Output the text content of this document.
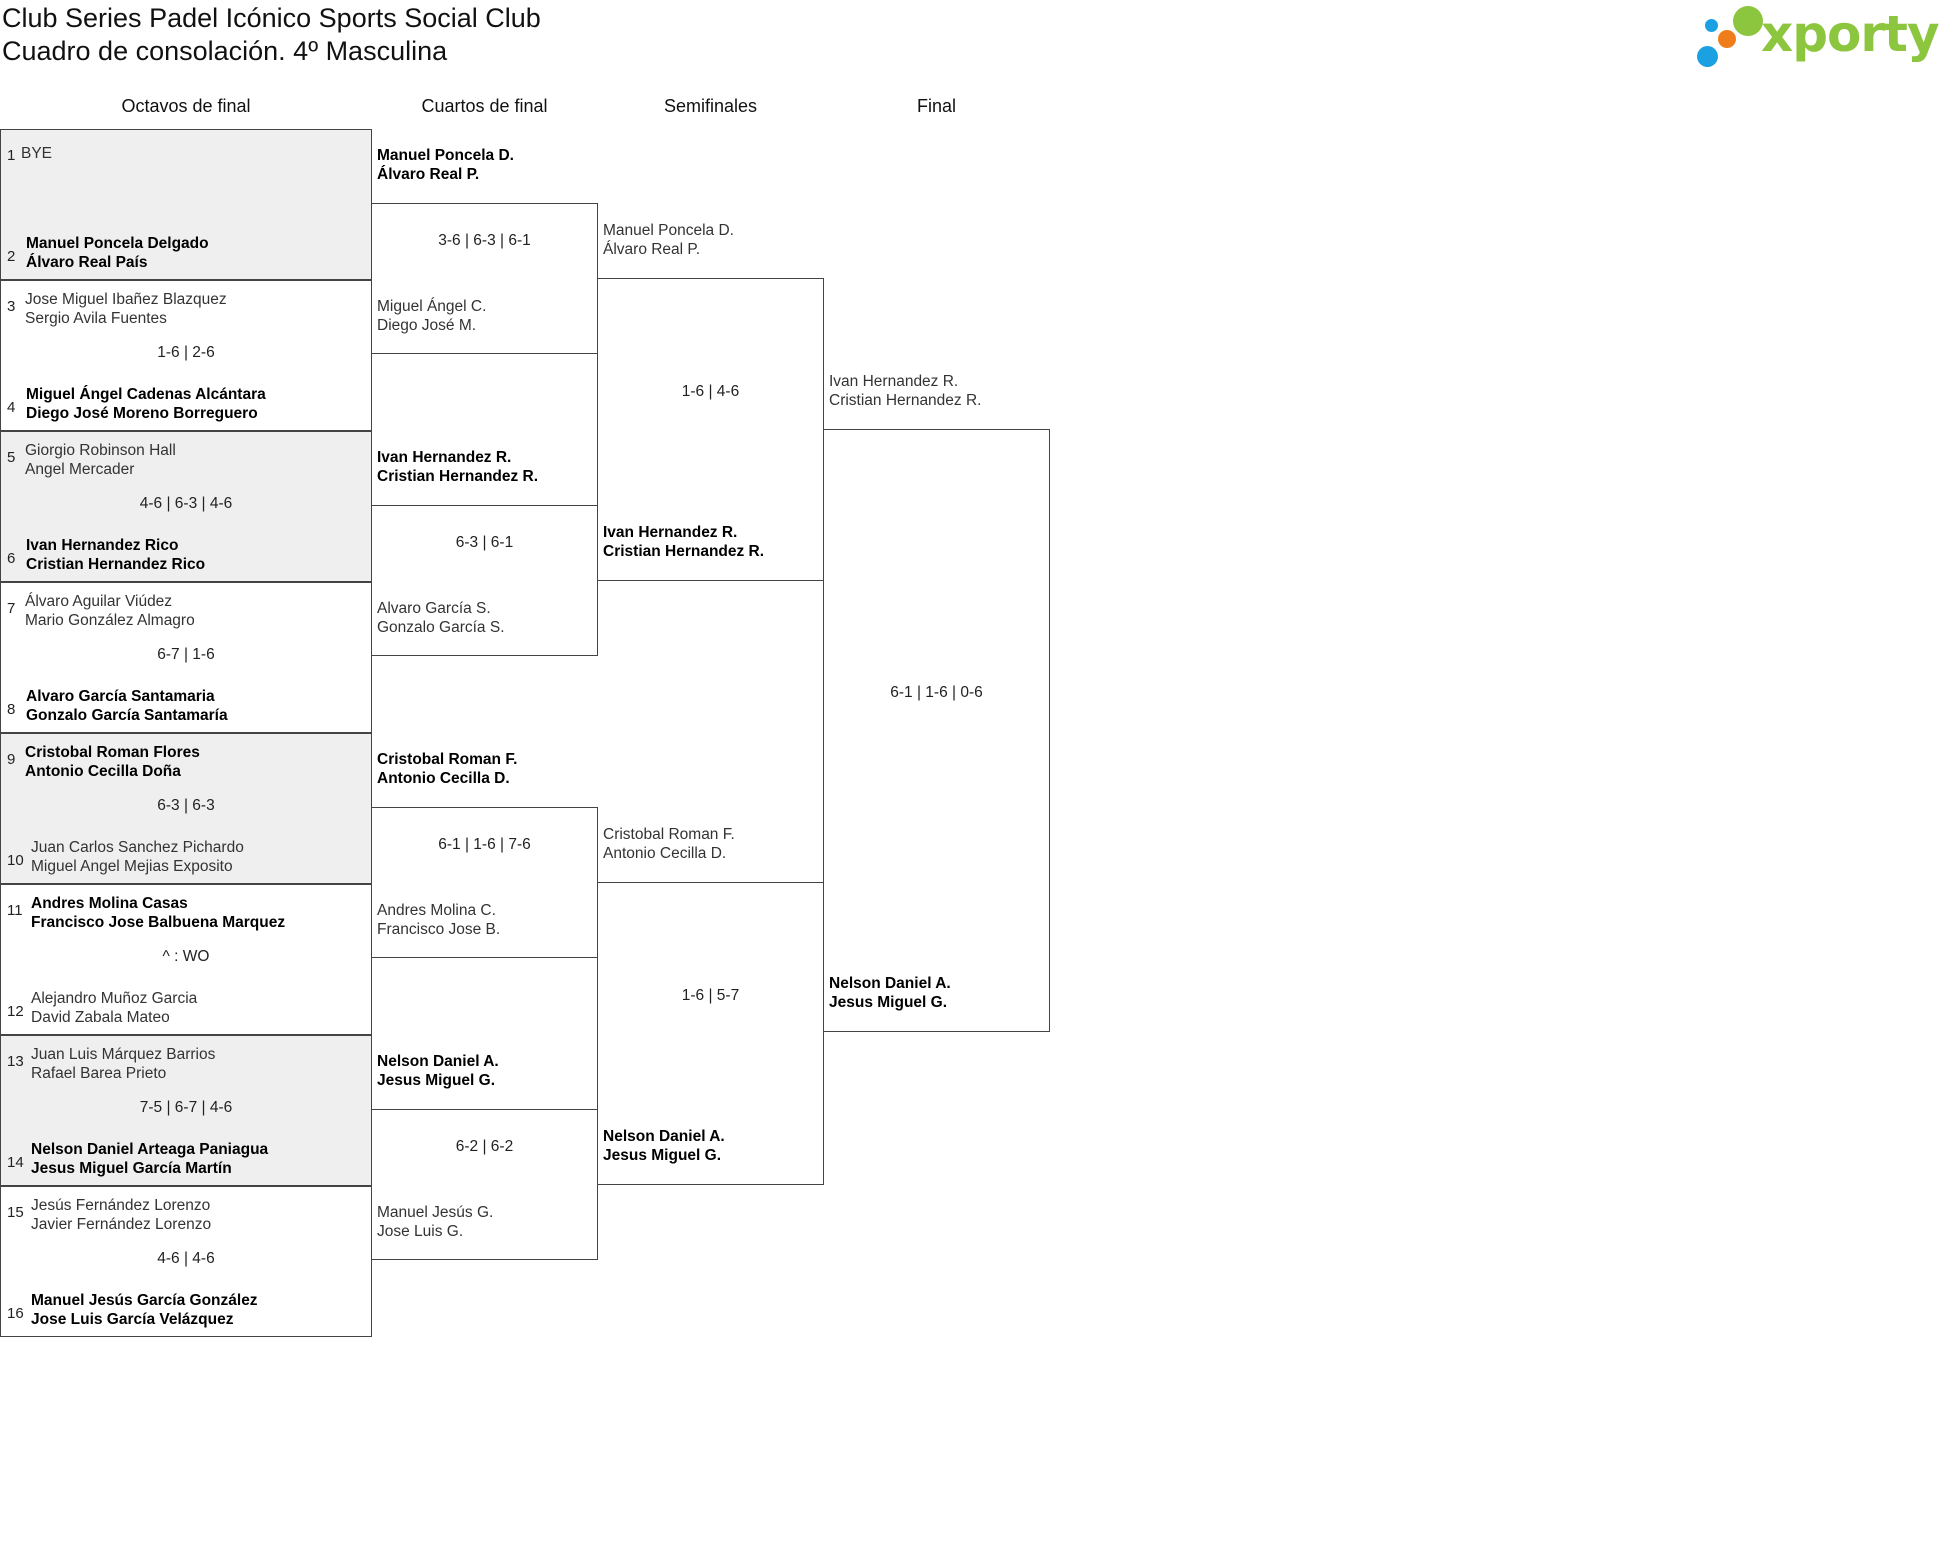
Club Series Padel Icónico Sports Social Club
Cuadro de consolación. 4º Masculina	xporty
Octavos de final	Cuartos de final	Semifinales	Final
1
2
BYE
Manuel Poncela Delgado
Álvaro Real País
3
4
Jose Miguel Ibañez Blazquez
Sergio Avila Fuentes
Miguel Ángel Cadenas Alcántara
Diego José Moreno Borreguero
1-6 | 2-6
5
6
Giorgio Robinson Hall
Angel Mercader
Ivan Hernandez Rico
Cristian Hernandez Rico
4-6 | 6-3 | 4-6
7
8
Álvaro Aguilar Viúdez
Mario González Almagro
Alvaro García Santamaria
Gonzalo García Santamaría
6-7 | 1-6
9
10
Cristobal Roman Flores
Antonio Cecilla Doña
Juan Carlos Sanchez Pichardo
Miguel Angel Mejias Exposito
6-3 | 6-3
11
12
Andres Molina Casas
Francisco Jose Balbuena Marquez
Alejandro Muñoz Garcia
David Zabala Mateo
^ : WO
13
14
Juan Luis Márquez Barrios
Rafael Barea Prieto
Nelson Daniel Arteaga Paniagua
Jesus Miguel García Martín
7-5 | 6-7 | 4-6
15
16
Jesús Fernández Lorenzo
Javier Fernández Lorenzo
Manuel Jesús García González
Jose Luis García Velázquez
4-6 | 4-6
3-6 | 6-3 | 6-1
Manuel Poncela D.
Álvaro Real P.
Miguel Ángel C.
Diego José M.
6-3 | 6-1
Ivan Hernandez R.
Cristian Hernandez R.
Alvaro García S.
Gonzalo García S.
6-1 | 1-6 | 7-6
Cristobal Roman F.
Antonio Cecilla D.
Andres Molina C.
Francisco Jose B.
6-2 | 6-2
Nelson Daniel A.
Jesus Miguel G.
Manuel Jesús G.
Jose Luis G.
1-6 | 4-6
Manuel Poncela D.
Álvaro Real P.
Ivan Hernandez R.
Cristian Hernandez R.
1-6 | 5-7
Cristobal Roman F.
Antonio Cecilla D.
Nelson Daniel A.
Jesus Miguel G.
6-1 | 1-6 | 0-6
Ivan Hernandez R.
Cristian Hernandez R.
Nelson Daniel A.
Jesus Miguel G.
